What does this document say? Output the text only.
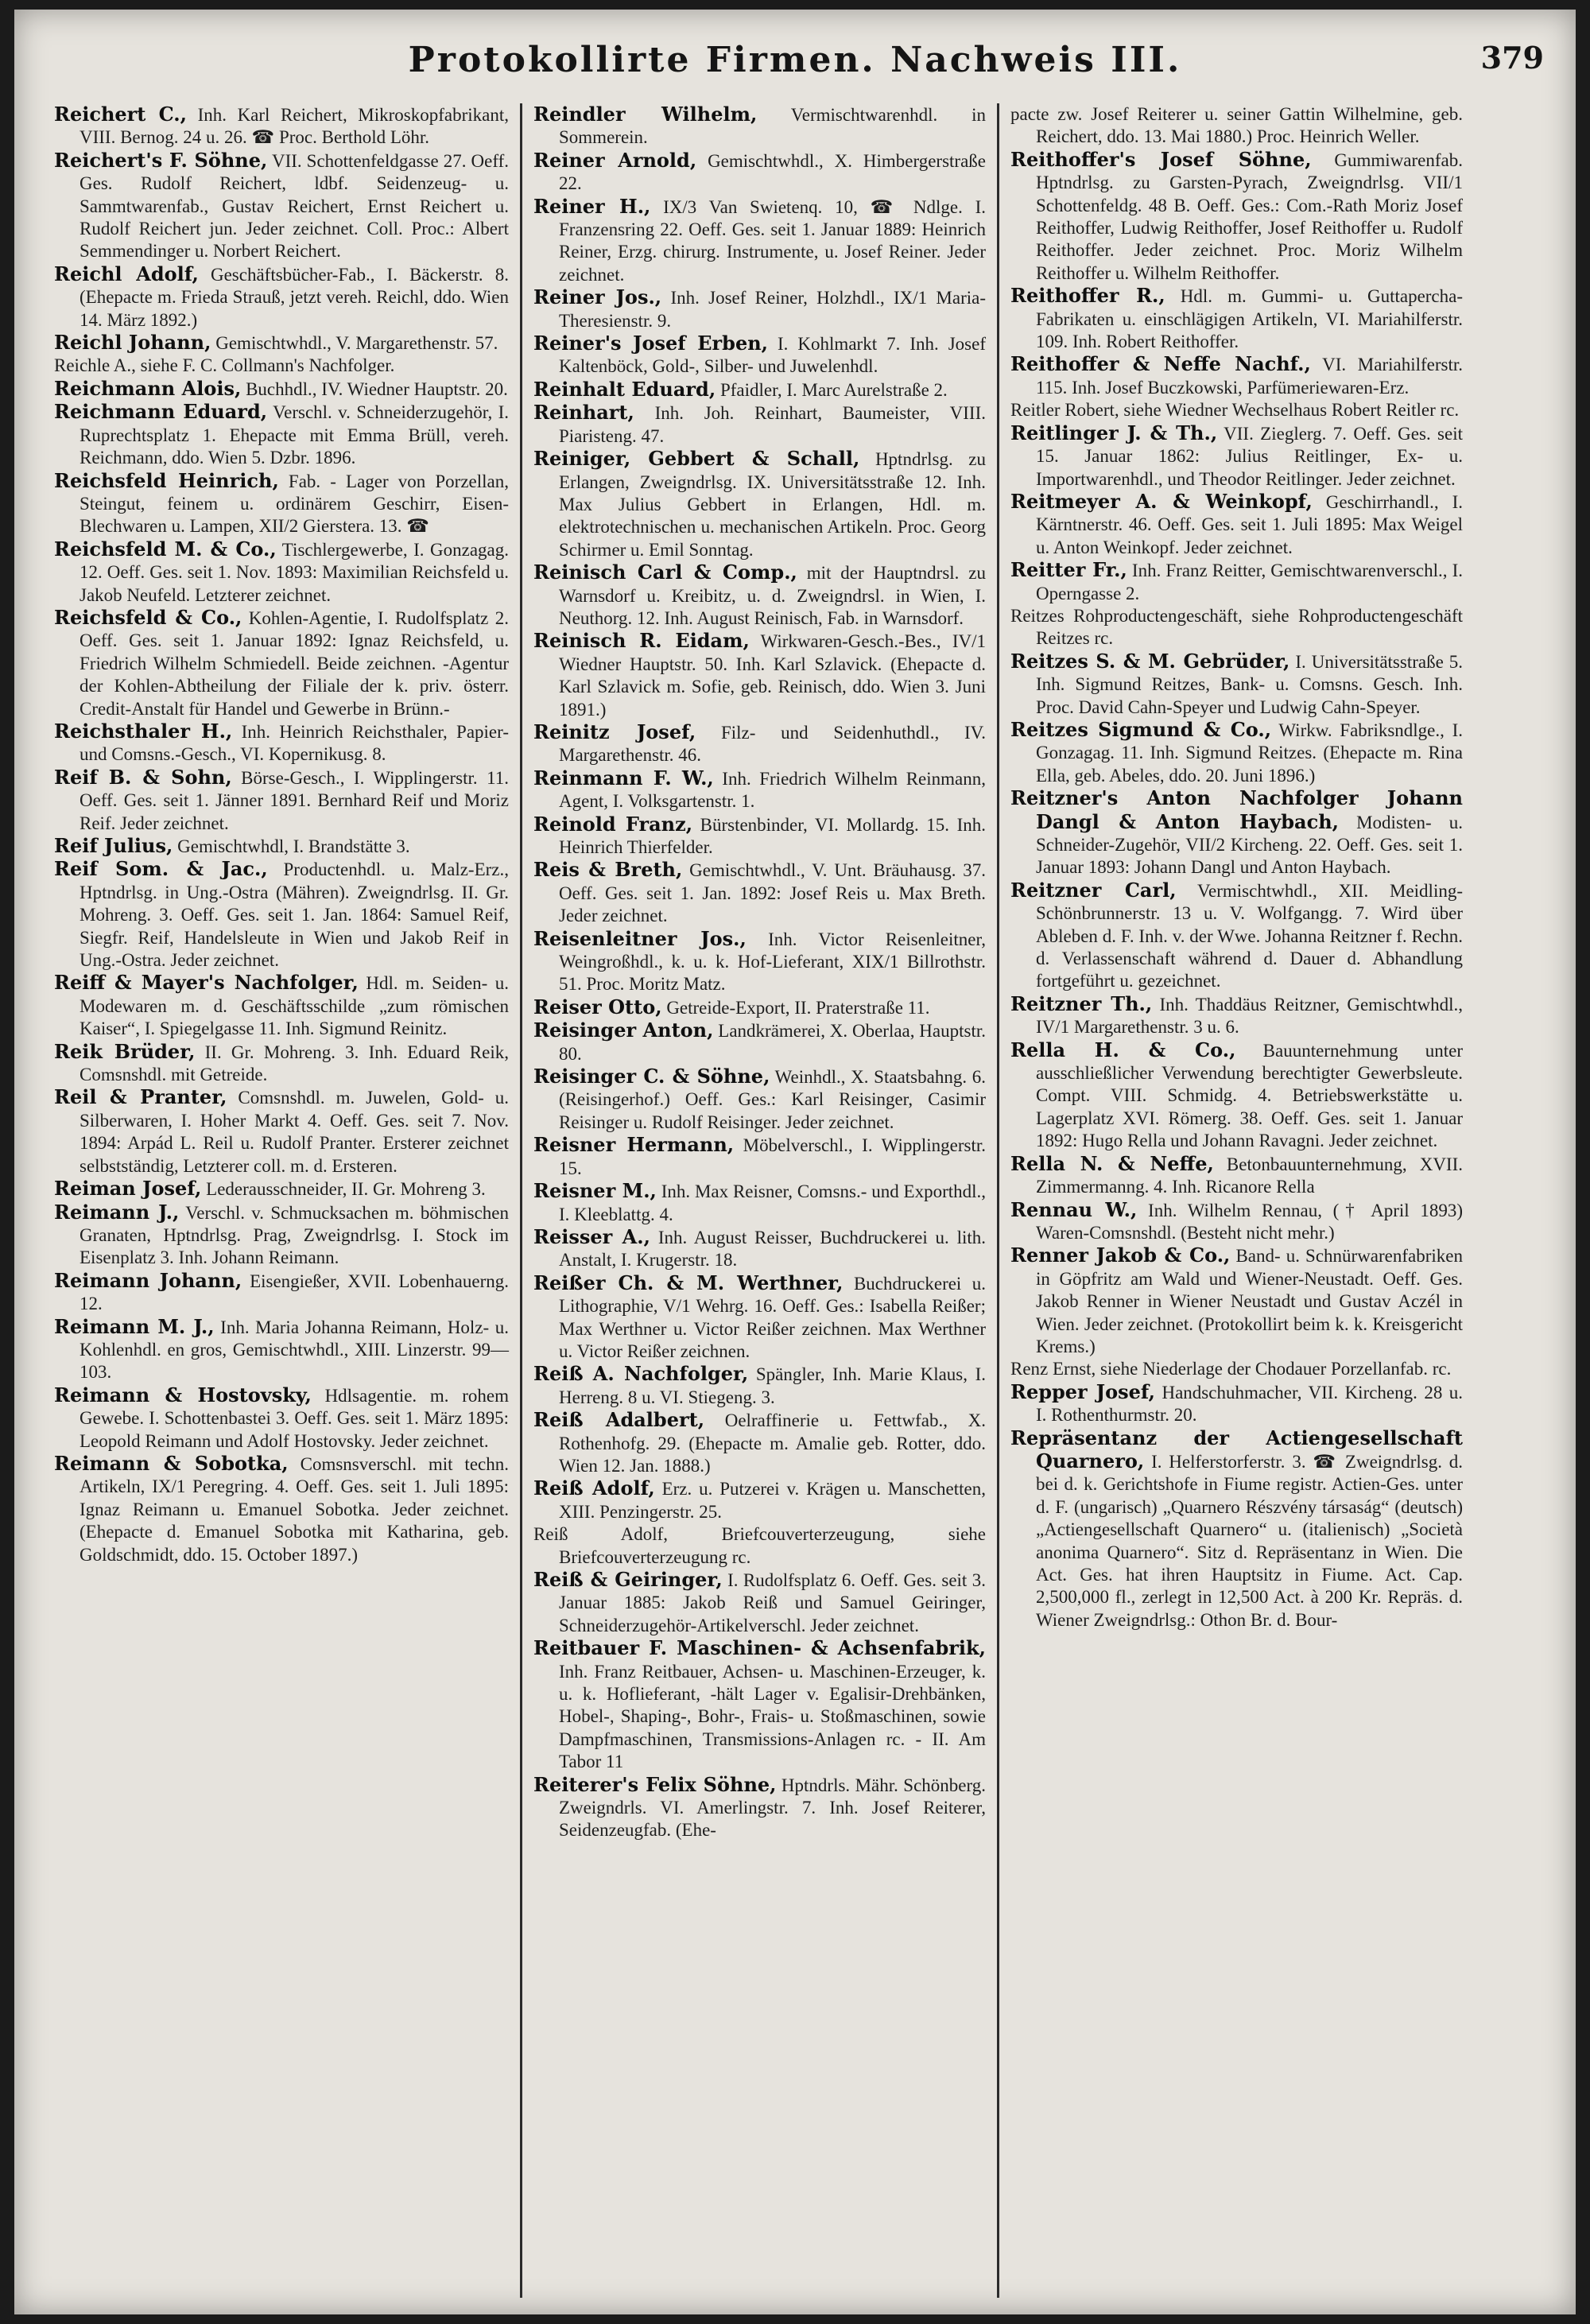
Protokollirte Firmen. Nachweis III.	379

Reichert C., Inh. Karl Reichert, Mikroskopfabrikant, VIII. Bernog. 24 u. 26. ☎ Proc. Berthold Löhr.

Reichert's F. Söhne, VII. Schottenfeldgasse 27. Oeff. Ges. Rudolf Reichert, ldbf. Seidenzeug- u. Sammtwarenfab., Gustav Reichert, Ernst Reichert u. Rudolf Reichert jun. Jeder zeichnet. Coll. Proc.: Albert Semmendinger u. Norbert Reichert.

Reichl Adolf, Geschäftsbücher-Fab., I. Bäckerstr. 8. (Ehepacte m. Frieda Strauß, jetzt vereh. Reichl, ddo. Wien 14. März 1892.)

Reichl Johann, Gemischtwhdl., V. Margarethenstr. 57.

Reichle A., siehe F. C. Collmann's Nachfolger.

Reichmann Alois, Buchhdl., IV. Wiedner Hauptstr. 20.

Reichmann Eduard, Verschl. v. Schneiderzugehör, I. Ruprechtsplatz 1. Ehepacte mit Emma Brüll, vereh. Reichmann, ddo. Wien 5. Dzbr. 1896.

Reichsfeld Heinrich, Fab. - Lager von Porzellan, Steingut, feinem u. ordinärem Geschirr, Eisen- Blechwaren u. Lampen, XII/2 Gierstera. 13. ☎

Reichsfeld M. & Co., Tischlergewerbe, I. Gonzagag. 12. Oeff. Ges. seit 1. Nov. 1893: Maximilian Reichsfeld u. Jakob Neufeld. Letzterer zeichnet.

Reichsfeld & Co., Kohlen-Agentie, I. Rudolfsplatz 2. Oeff. Ges. seit 1. Januar 1892: Ignaz Reichsfeld, u. Friedrich Wilhelm Schmiedell. Beide zeichnen. -Agentur der Kohlen-Abtheilung der Filiale der k. priv. österr. Credit-Anstalt für Handel und Gewerbe in Brünn.-

Reichsthaler H., Inh. Heinrich Reichsthaler, Papier- und Comsns.-Gesch., VI. Kopernikusg. 8.

Reif B. & Sohn, Börse-Gesch., I. Wipplingerstr. 11. Oeff. Ges. seit 1. Jänner 1891. Bernhard Reif und Moriz Reif. Jeder zeichnet.

Reif Julius, Gemischtwhdl, I. Brandstätte 3.

Reif Som. & Jac., Productenhdl. u. Malz-Erz., Hptndrlsg. in Ung.-Ostra (Mähren). Zweigndrlsg. II. Gr. Mohreng. 3. Oeff. Ges. seit 1. Jan. 1864: Samuel Reif, Siegfr. Reif, Handelsleute in Wien und Jakob Reif in Ung.-Ostra. Jeder zeichnet.

Reiff & Mayer's Nachfolger, Hdl. m. Seiden- u. Modewaren m. d. Geschäftsschilde „zum römischen Kaiser“, I. Spiegelgasse 11. Inh. Sigmund Reinitz.

Reik Brüder, II. Gr. Mohreng. 3. Inh. Eduard Reik, Comsnshdl. mit Getreide.

Reil & Pranter, Comsnshdl. m. Juwelen, Gold- u. Silberwaren, I. Hoher Markt 4. Oeff. Ges. seit 7. Nov. 1894: Arpád L. Reil u. Rudolf Pranter. Ersterer zeichnet selbstständig, Letzterer coll. m. d. Ersteren.

Reiman Josef, Lederausschneider, II. Gr. Mohreng 3.

Reimann J., Verschl. v. Schmucksachen m. böhmischen Granaten, Hptndrlsg. Prag, Zweigndrlsg. I. Stock im Eisenplatz 3. Inh. Johann Reimann.

Reimann Johann, Eisengießer, XVII. Lobenhauerng. 12.

Reimann M. J., Inh. Maria Johanna Reimann, Holz- u. Kohlenhdl. en gros, Gemischtwhdl., XIII. Linzerstr. 99—103.

Reimann & Hostovsky, Hdlsagentie. m. rohem Gewebe. I. Schottenbastei 3. Oeff. Ges. seit 1. März 1895: Leopold Reimann und Adolf Hostovsky. Jeder zeichnet.

Reimann & Sobotka, Comsnsverschl. mit techn. Artikeln, IX/1 Peregring. 4. Oeff. Ges. seit 1. Juli 1895: Ignaz Reimann u. Emanuel Sobotka. Jeder zeichnet. (Ehepacte d. Emanuel Sobotka mit Katharina, geb. Goldschmidt, ddo. 15. October 1897.)

Reindler Wilhelm, Vermischtwarenhdl. in Sommerein.

Reiner Arnold, Gemischtwhdl., X. Himbergerstraße 22.

Reiner H., IX/3 Van Swietenq. 10, ☎ Ndlge. I. Franzensring 22. Oeff. Ges. seit 1. Januar 1889: Heinrich Reiner, Erzg. chirurg. Instrumente, u. Josef Reiner. Jeder zeichnet.

Reiner Jos., Inh. Josef Reiner, Holzhdl., IX/1 Maria-Theresienstr. 9.

Reiner's Josef Erben, I. Kohlmarkt 7. Inh. Josef Kaltenböck, Gold-, Silber- und Juwelenhdl.

Reinhalt Eduard, Pfaidler, I. Marc Aurelstraße 2.

Reinhart, Inh. Joh. Reinhart, Baumeister, VIII. Piaristeng. 47.

Reiniger, Gebbert & Schall, Hptndrlsg. zu Erlangen, Zweigndrlsg. IX. Universitätsstraße 12. Inh. Max Julius Gebbert in Erlangen, Hdl. m. elektrotechnischen u. mechanischen Artikeln. Proc. Georg Schirmer u. Emil Sonntag.

Reinisch Carl & Comp., mit der Hauptndrsl. zu Warnsdorf u. Kreibitz, u. d. Zweigndrsl. in Wien, I. Neuthorg. 12. Inh. August Reinisch, Fab. in Warnsdorf.

Reinisch R. Eidam, Wirkwaren-Gesch.-Bes., IV/1 Wiedner Hauptstr. 50. Inh. Karl Szlavick. (Ehepacte d. Karl Szlavick m. Sofie, geb. Reinisch, ddo. Wien 3. Juni 1891.)

Reinitz Josef, Filz- und Seidenhuthdl., IV. Margarethenstr. 46.

Reinmann F. W., Inh. Friedrich Wilhelm Reinmann, Agent, I. Volksgartenstr. 1.

Reinold Franz, Bürstenbinder, VI. Mollardg. 15. Inh. Heinrich Thierfelder.

Reis & Breth, Gemischtwhdl., V. Unt. Bräuhausg. 37. Oeff. Ges. seit 1. Jan. 1892: Josef Reis u. Max Breth. Jeder zeichnet.

Reisenleitner Jos., Inh. Victor Reisenleitner, Weingroßhdl., k. u. k. Hof-Lieferant, XIX/1 Billrothstr. 51. Proc. Moritz Matz.

Reiser Otto, Getreide-Export, II. Praterstraße 11.

Reisinger Anton, Landkrämerei, X. Oberlaa, Hauptstr. 80.

Reisinger C. & Söhne, Weinhdl., X. Staatsbahng. 6. (Reisingerhof.) Oeff. Ges.: Karl Reisinger, Casimir Reisinger u. Rudolf Reisinger. Jeder zeichnet.

Reisner Hermann, Möbelverschl., I. Wipplingerstr. 15.

Reisner M., Inh. Max Reisner, Comsns.- und Exporthdl., I. Kleeblattg. 4.

Reisser A., Inh. August Reisser, Buchdruckerei u. lith. Anstalt, I. Krugerstr. 18.

Reißer Ch. & M. Werthner, Buchdruckerei u. Lithographie, V/1 Wehrg. 16. Oeff. Ges.: Isabella Reißer; Max Werthner u. Victor Reißer zeichnen. Max Werthner u. Victor Reißer zeichnen.

Reiß A. Nachfolger, Spängler, Inh. Marie Klaus, I. Herreng. 8 u. VI. Stiegeng. 3.

Reiß Adalbert, Oelraffinerie u. Fettwfab., X. Rothenhofg. 29. (Ehepacte m. Amalie geb. Rotter, ddo. Wien 12. Jan. 1888.)

Reiß Adolf, Erz. u. Putzerei v. Krägen u. Manschetten, XIII. Penzingerstr. 25.

Reiß Adolf, Briefcouverterzeugung, siehe Briefcouverterzeugung rc.

Reiß & Geiringer, I. Rudolfsplatz 6. Oeff. Ges. seit 3. Januar 1885: Jakob Reiß und Samuel Geiringer, Schneiderzugehör-Artikelverschl. Jeder zeichnet.

Reitbauer F. Maschinen- & Achsenfabrik, Inh. Franz Reitbauer, Achsen- u. Maschinen-Erzeuger, k. u. k. Hoflieferant, -hält Lager v. Egalisir-Drehbänken, Hobel-, Shaping-, Bohr-, Frais- u. Stoßmaschinen, sowie Dampfmaschinen, Transmissions-Anlagen rc. - II. Am Tabor 11

Reiterer's Felix Söhne, Hptndrls. Mähr. Schönberg. Zweigndrls. VI. Amerlingstr. 7. Inh. Josef Reiterer, Seidenzeugfab. (Ehe-

pacte zw. Josef Reiterer u. seiner Gattin Wilhelmine, geb. Reichert, ddo. 13. Mai 1880.) Proc. Heinrich Weller.

Reithoffer's Josef Söhne, Gummiwarenfab. Hptndrlsg. zu Garsten-Pyrach, Zweigndrlsg. VII/1 Schottenfeldg. 48 B. Oeff. Ges.: Com.-Rath Moriz Josef Reithoffer, Ludwig Reithoffer, Josef Reithoffer u. Rudolf Reithoffer. Jeder zeichnet. Proc. Moriz Wilhelm Reithoffer u. Wilhelm Reithoffer.

Reithoffer R., Hdl. m. Gummi- u. Guttapercha-Fabrikaten u. einschlägigen Artikeln, VI. Mariahilferstr. 109. Inh. Robert Reithoffer.

Reithoffer & Neffe Nachf., VI. Mariahilferstr. 115. Inh. Josef Buczkowski, Parfümeriewaren-Erz.

Reitler Robert, siehe Wiedner Wechselhaus Robert Reitler rc.

Reitlinger J. & Th., VII. Zieglerg. 7. Oeff. Ges. seit 15. Januar 1862: Julius Reitlinger, Ex- u. Importwarenhdl., und Theodor Reitlinger. Jeder zeichnet.

Reitmeyer A. & Weinkopf, Geschirrhandl., I. Kärntnerstr. 46. Oeff. Ges. seit 1. Juli 1895: Max Weigel u. Anton Weinkopf. Jeder zeichnet.

Reitter Fr., Inh. Franz Reitter, Gemischtwarenverschl., I. Operngasse 2.

Reitzes Rohproductengeschäft, siehe Rohproductengeschäft Reitzes rc.

Reitzes S. & M. Gebrüder, I. Universitätsstraße 5. Inh. Sigmund Reitzes, Bank- u. Comsns. Gesch. Inh. Proc. David Cahn-Speyer und Ludwig Cahn-Speyer.

Reitzes Sigmund & Co., Wirkw. Fabriksndlge., I. Gonzagag. 11. Inh. Sigmund Reitzes. (Ehepacte m. Rina Ella, geb. Abeles, ddo. 20. Juni 1896.)

Reitzner's Anton Nachfolger Johann Dangl & Anton Haybach, Modisten- u. Schneider-Zugehör, VII/2 Kircheng. 22. Oeff. Ges. seit 1. Januar 1893: Johann Dangl und Anton Haybach.

Reitzner Carl, Vermischtwhdl., XII. Meidling-Schönbrunnerstr. 13 u. V. Wolfgangg. 7. Wird über Ableben d. F. Inh. v. der Wwe. Johanna Reitzner f. Rechn. d. Verlassenschaft während d. Dauer d. Abhandlung fortgeführt u. gezeichnet.

Reitzner Th., Inh. Thaddäus Reitzner, Gemischtwhdl., IV/1 Margarethenstr. 3 u. 6.

Rella H. & Co., Bauunternehmung unter ausschließlicher Verwendung berechtigter Gewerbsleute. Compt. VIII. Schmidg. 4. Betriebswerkstätte u. Lagerplatz XVI. Römerg. 38. Oeff. Ges. seit 1. Januar 1892: Hugo Rella und Johann Ravagni. Jeder zeichnet.

Rella N. & Neffe, Betonbauunternehmung, XVII. Zimmermanng. 4. Inh. Ricanore Rella

Rennau W., Inh. Wilhelm Rennau, († April 1893) Waren-Comsnshdl. (Besteht nicht mehr.)

Renner Jakob & Co., Band- u. Schnürwarenfabriken in Göpfritz am Wald und Wiener-Neustadt. Oeff. Ges. Jakob Renner in Wiener Neustadt und Gustav Aczél in Wien. Jeder zeichnet. (Protokollirt beim k. k. Kreisgericht Krems.)

Renz Ernst, siehe Niederlage der Chodauer Porzellanfab. rc.

Repper Josef, Handschuhmacher, VII. Kircheng. 28 u. I. Rothenthurmstr. 20.

Repräsentanz der Actiengesellschaft Quarnero, I. Helferstorferstr. 3. ☎ Zweigndrlsg. d. bei d. k. Gerichtshofe in Fiume registr. Actien-Ges. unter d. F. (ungarisch) „Quarnero Részvény társaság“ (deutsch) „Actiengesellschaft Quarnero“ u. (italienisch) „Società anonima Quarnero“. Sitz d. Repräsentanz in Wien. Die Act. Ges. hat ihren Hauptsitz in Fiume. Act. Cap. 2,500,000 fl., zerlegt in 12,500 Act. à 200 Kr. Repräs. d. Wiener Zweigndrlsg.: Othon Br. d. Bour-
